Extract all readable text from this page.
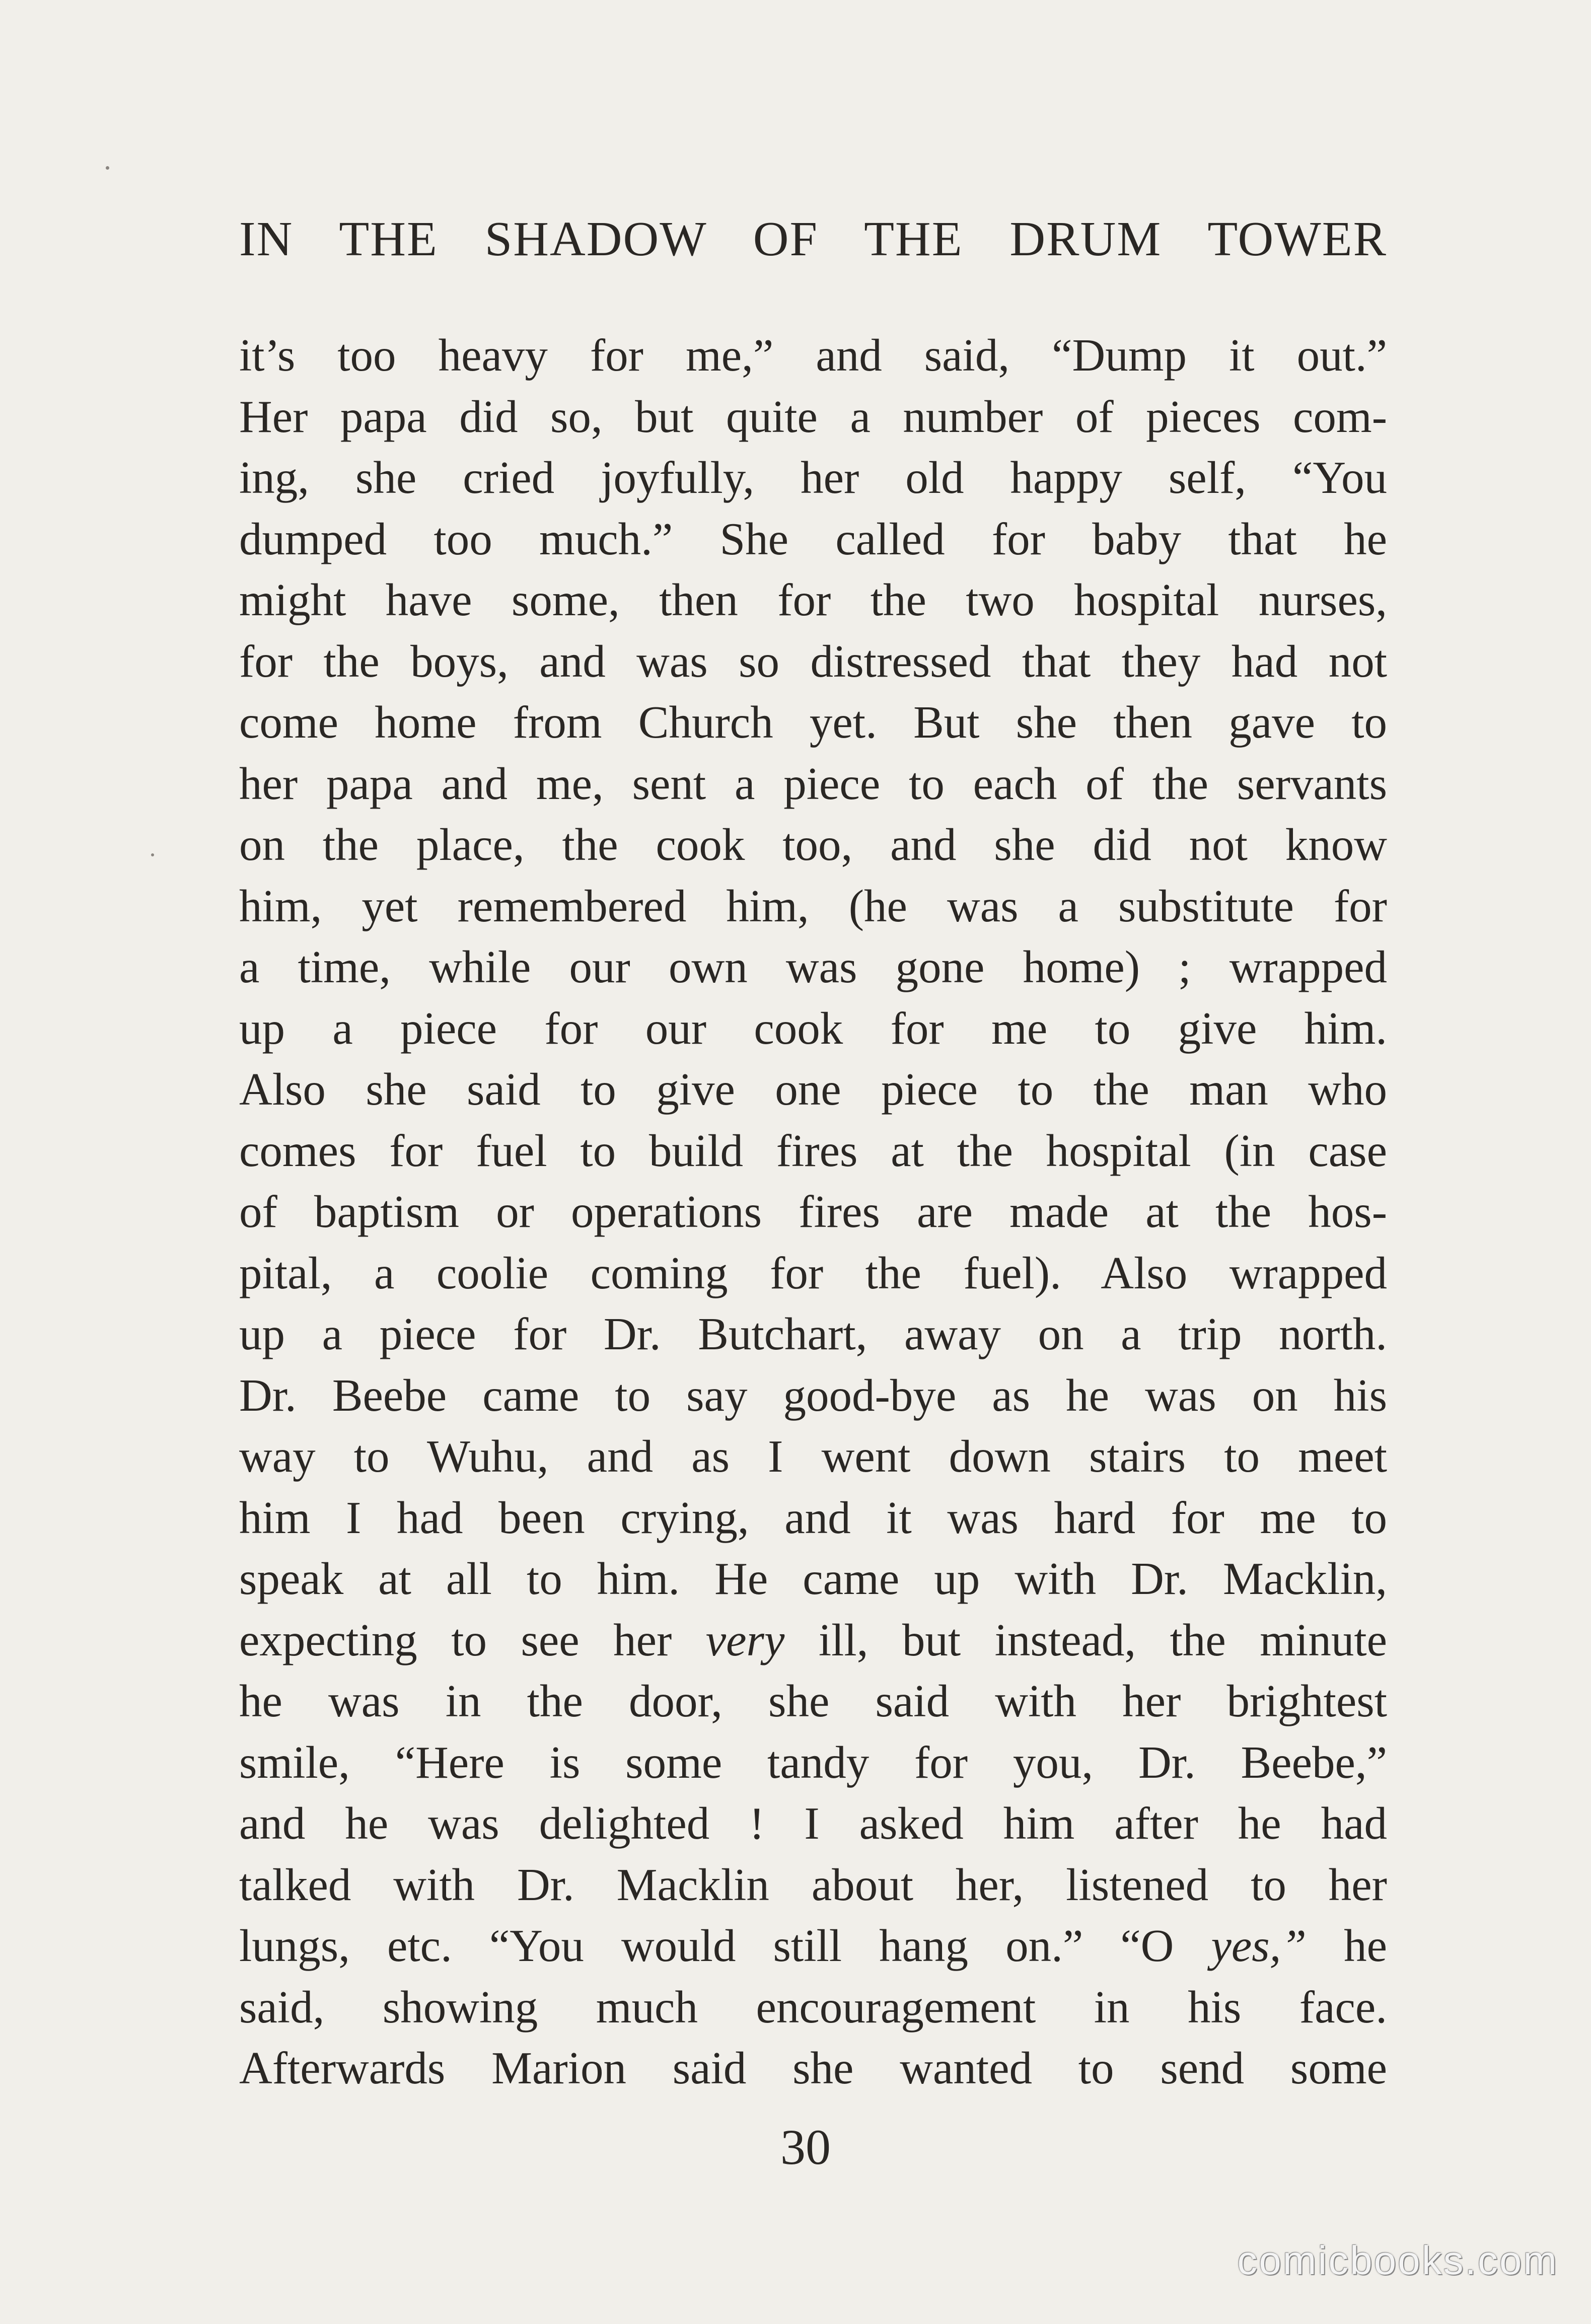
IN THE SHADOW OF THE DRUM TOWER
it’s too heavy for me,” and said, “Dump it out.”
Her papa did so, but quite a number of pieces com-
ing, she cried joyfully, her old happy self, “You
dumped too much.” She called for baby that he
might have some, then for the two hospital nurses,
for the boys, and was so distressed that they had not
come home from Church yet. But she then gave to
her papa and me, sent a piece to each of the servants
on the place, the cook too, and she did not know
him, yet remembered him, (he was a substitute for
a time, while our own was gone home) ; wrapped
up a piece for our cook for me to give him.
Also she said to give one piece to the man who
comes for fuel to build fires at the hospital (in case
of baptism or operations fires are made at the hos-
pital, a coolie coming for the fuel). Also wrapped
up a piece for Dr. Butchart, away on a trip north.
Dr. Beebe came to say good-bye as he was on his
way to Wuhu, and as I went down stairs to meet
him I had been crying, and it was hard for me to
speak at all to him. He came up with Dr. Macklin,
expecting to see her very ill, but instead, the minute
he was in the door, she said with her brightest
smile, “Here is some tandy for you, Dr. Beebe,”
and he was delighted ! I asked him after he had
talked with Dr. Macklin about her, listened to her
lungs, etc. “You would still hang on.” “O yes,” he
said, showing much encouragement in his face.
Afterwards Marion said she wanted to send some
30
comicbooks.com
